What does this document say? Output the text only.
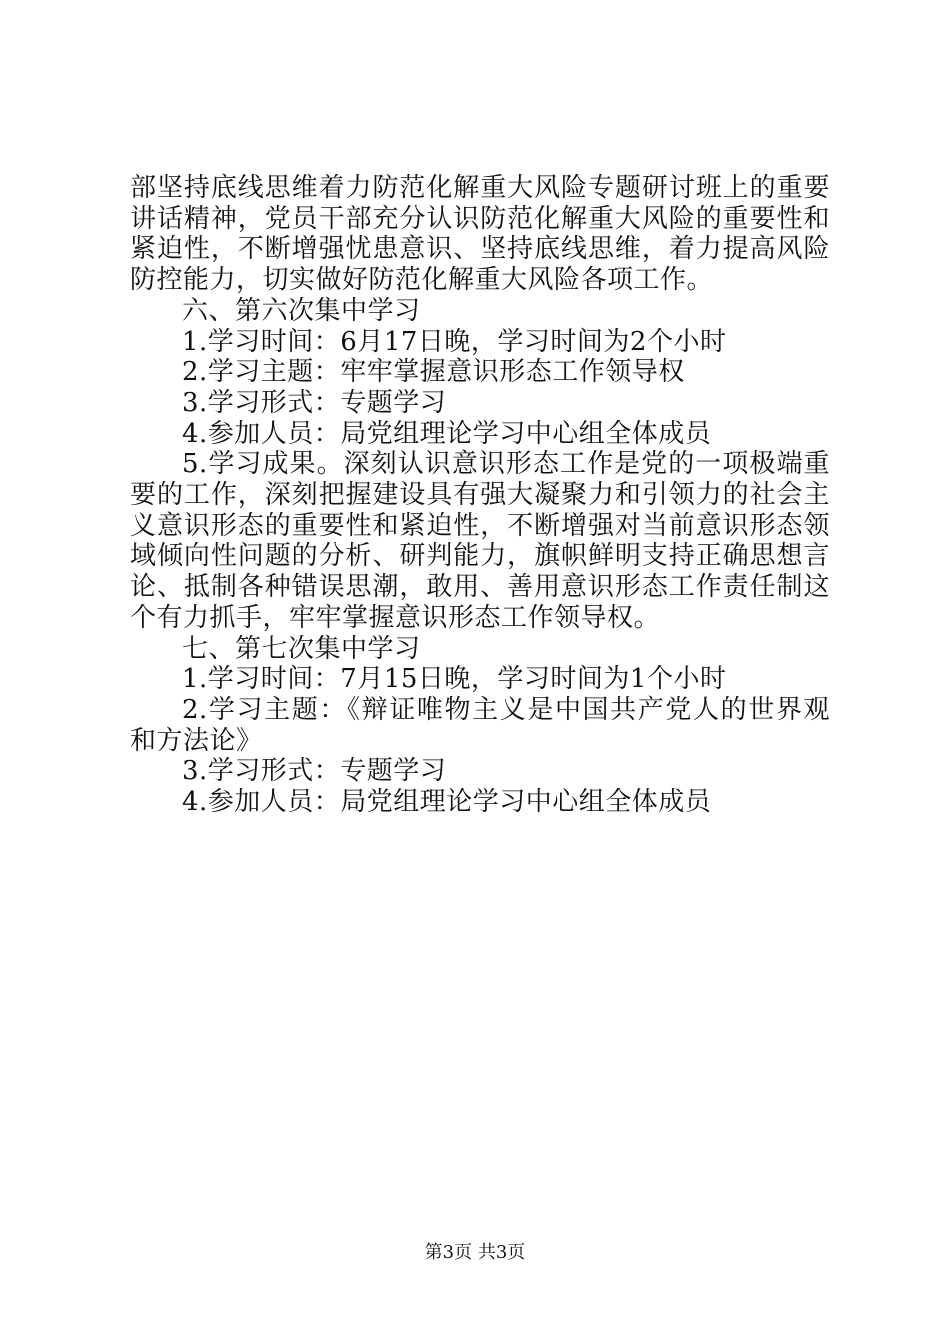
部坚持底线思维着力防范化解重大风险专题研讨班上的重要讲话精神，党员干部充分认识防范化解重大风险的重要性和紧迫性，不断增强忧患意识、坚持底线思维，着力提高风险防控能力，切实做好防范化解重大风险各项工作。

六、第六次集中学习

1.学习时间：6月17日晚，学习时间为2个小时

2.学习主题：牢牢掌握意识形态工作领导权

3.学习形式：专题学习

4.参加人员：局党组理论学习中心组全体成员

5.学习成果。深刻认识意识形态工作是党的一项极端重要的工作，深刻把握建设具有强大凝聚力和引领力的社会主义意识形态的重要性和紧迫性，不断增强对当前意识形态领域倾向性问题的分析、研判能力，旗帜鲜明支持正确思想言论、抵制各种错误思潮，敢用、善用意识形态工作责任制这个有力抓手，牢牢掌握意识形态工作领导权。

七、第七次集中学习

1.学习时间：7月15日晚，学习时间为1个小时

2.学习主题：《辩证唯物主义是中国共产党人的世界观和方法论》

3.学习形式：专题学习

4.参加人员：局党组理论学习中心组全体成员

第3页 共3页
